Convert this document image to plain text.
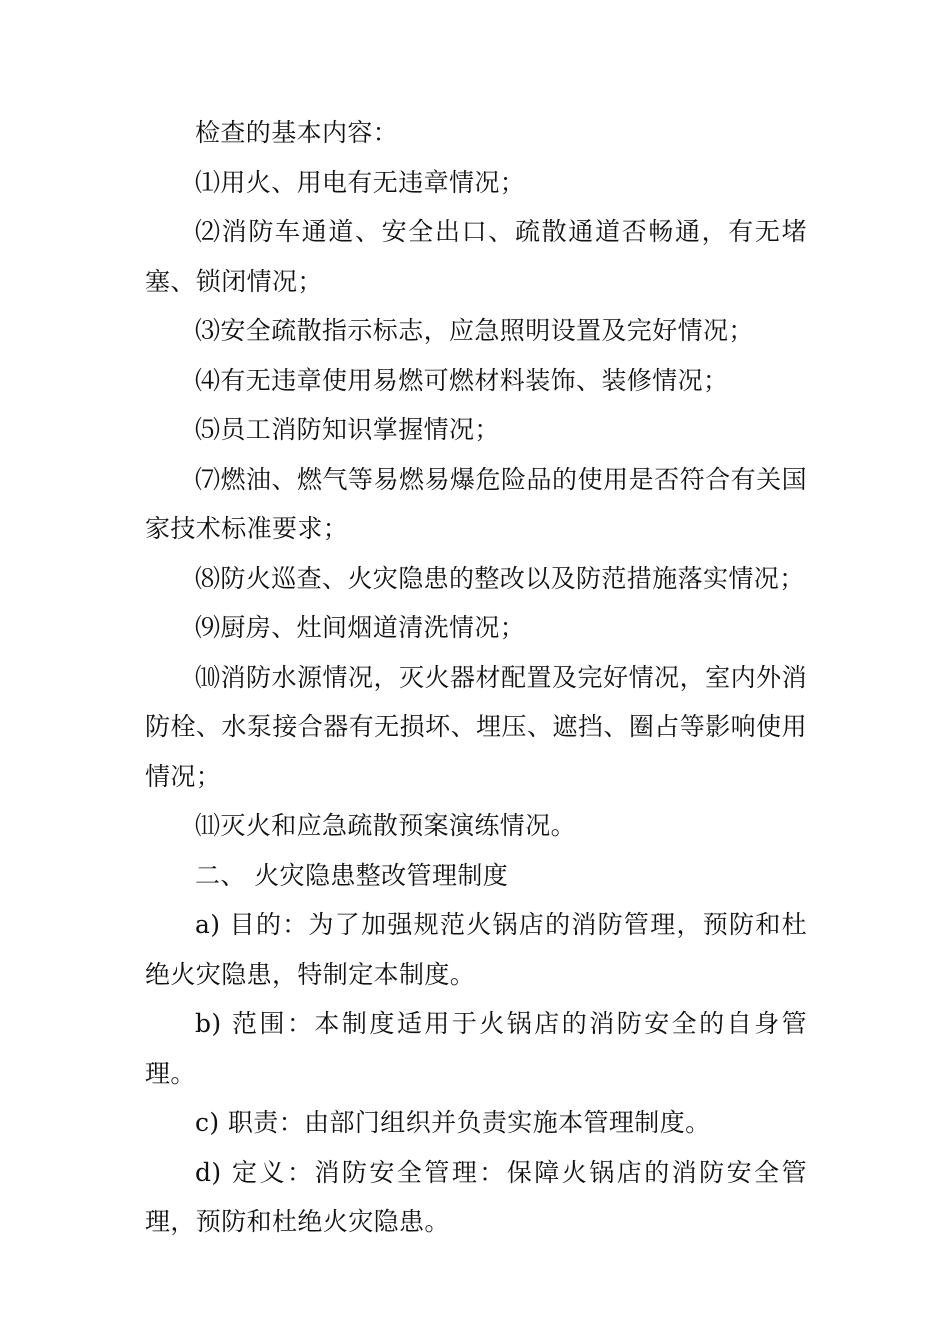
检查的基本内容：

⑴用火、用电有无违章情况；

⑵消防车通道、安全出口、疏散通道否畅通，有无堵塞、锁闭情况；

⑶安全疏散指示标志，应急照明设置及完好情况；

⑷有无违章使用易燃可燃材料装饰、装修情况；

⑸员工消防知识掌握情况；

⑺燃油、燃气等易燃易爆危险品的使用是否符合有关国家技术标准要求；

⑻防火巡查、火灾隐患的整改以及防范措施落实情况；

⑼厨房、灶间烟道清洗情况；

⑽消防水源情况，灭火器材配置及完好情况，室内外消防栓、水泵接合器有无损坏、埋压、遮挡、圈占等影响使用情况；

⑾灭火和应急疏散预案演练情况。

二、 火灾隐患整改管理制度

a) 目的：为了加强规范火锅店的消防管理，预防和杜绝火灾隐患，特制定本制度。

b) 范围：本制度适用于火锅店的消防安全的自身管理。

c) 职责：由部门组织并负责实施本管理制度。

d) 定义：消防安全管理：保障火锅店的消防安全管理，预防和杜绝火灾隐患。
